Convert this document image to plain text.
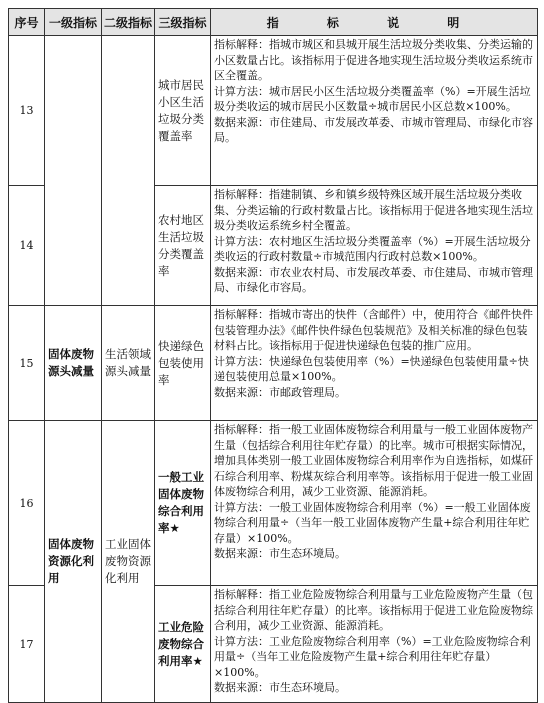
序号	一级指标	二级指标	三级指标	指 标 说 明
13			城市居民小区生活垃圾分类覆盖率	指标解释：指城市城区和县城开展生活垃圾分类收集、分类运输的小区数量占比。该指标用于促进各地实现生活垃圾分类收运系统市区全覆盖。

计算方法：城市居民小区生活垃圾分类覆盖率（%）=开展生活垃圾分类收运的城市居民小区数量÷城市居民小区总数×100%。

数据来源：市住建局、市发展改革委、市城市管理局、市绿化市容局。

14			农村地区生活垃圾分类覆盖率	指标解释：指建制镇、乡和镇乡级特殊区域开展生活垃圾分类收集、分类运输的行政村数量占比。该指标用于促进各地实现生活垃圾分类收运系统乡村全覆盖。

计算方法：农村地区生活垃圾分类覆盖率（%）=开展生活垃圾分类收运的行政村数量÷市城范围内行政村总数×100%。

数据来源：市农业农村局、市发展改革委、市住建局、市城市管理局、市绿化市容局。

15	固体废物源头减量	生活领域源头减量	快递绿色包装使用率	指标解释：指城市寄出的快件（含邮件）中，使用符合《邮件快件包装管理办法》《邮件快件绿色包装规范》及相关标准的绿色包装材料占比。该指标用于促进快递绿色包装的推广应用。

计算方法：快递绿色包装使用率（%）=快递绿色包装使用量÷快递包装使用总量×100%。

数据来源：市邮政管理局。

16	固体废物资源化利用	工业固体废物资源化利用	一般工业固体废物综合利用率★	指标解释：指一般工业固体废物综合利用量与一般工业固体废物产生量（包括综合利用往年贮存量）的比率。城市可根据实际情况，增加具体类别一般工业固体废物综合利用率作为自选指标，如煤矸石综合利用率、粉煤灰综合利用率等。该指标用于促进一般工业固体废物综合利用，减少工业资源、能源消耗。

计算方法：一般工业固体废物综合利用率（%）=一般工业固体废物综合利用量÷（当年一般工业固体废物产生量+综合利用往年贮存量）×100%。

数据来源：市生态环境局。

17			工业危险废物综合利用率★	指标解释：指工业危险废物综合利用量与工业危险废物产生量（包括综合利用往年贮存量）的比率。该指标用于促进工业危险废物综合利用，减少工业资源、能源消耗。

计算方法：工业危险废物综合利用率（%）=工业危险废物综合利用量÷（当年工业危险废物产生量+综合利用往年贮存量）×100%。

数据来源：市生态环境局。
